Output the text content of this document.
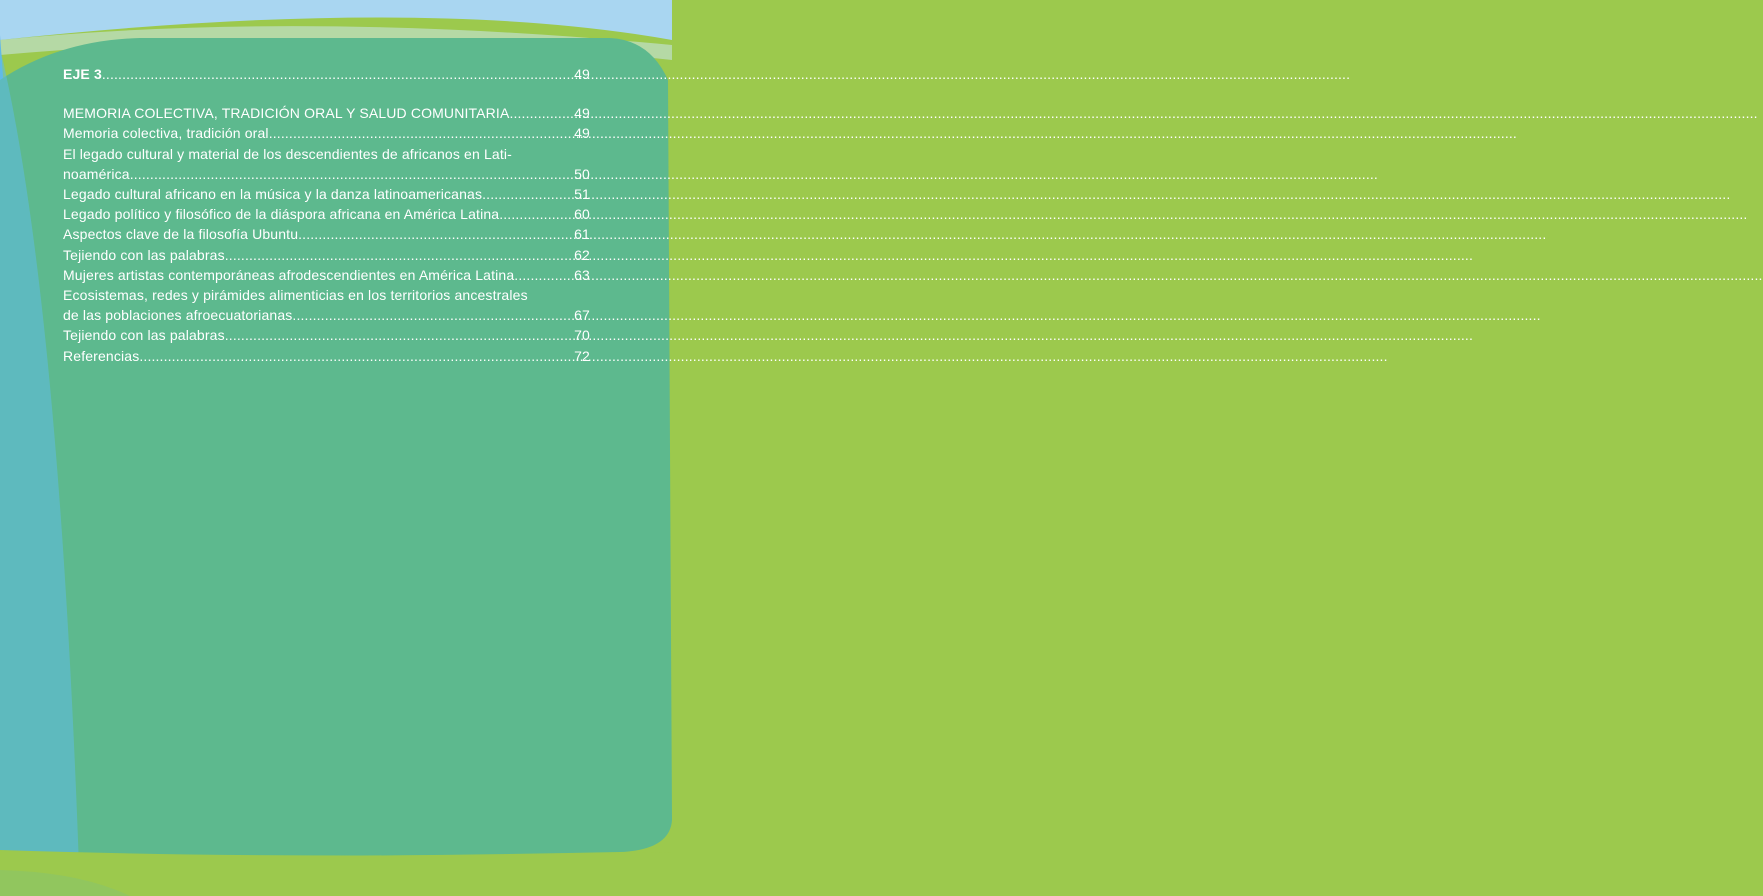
EJE 3 .....	49
MEMORIA COLECTIVA, TRADICIÓN ORAL Y SALUD COMUNITARIA .....	49
Memoria colectiva, tradición oral .....	49
El legado cultural y material de los descendientes de africanos en Lati-
noamérica .....	50
Legado cultural africano en la música y la danza latinoamericanas .....	51
Legado político y filosófico de la diáspora africana en América Latina .....	60
Aspectos clave de la filosofía Ubuntu .....	61
Tejiendo con las palabras .....	62
Mujeres artistas contemporáneas afrodescendientes en América Latina .....	63
Ecosistemas, redes y pirámides alimenticias en los territorios ancestrales
de las poblaciones afroecuatorianas .....	67
Tejiendo con las palabras .....	70
Referencias .....	72
